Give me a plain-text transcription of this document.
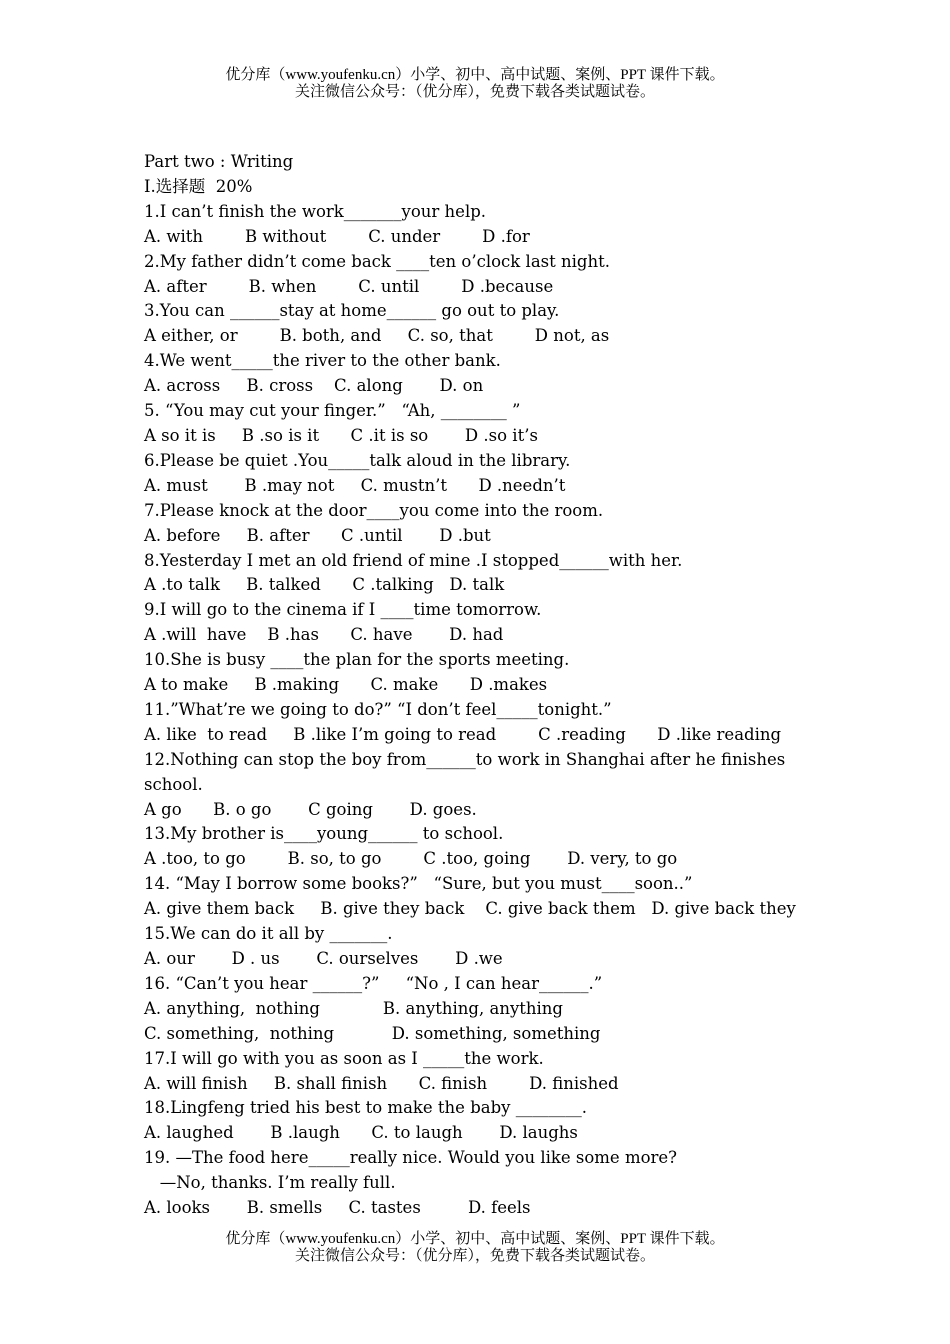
优分库（www.youfenku.cn）小学、初中、高中试题、案例、PPT 课件下载。
关注微信公众号：（优分库），免费下载各类试题试卷。
Part two : Writing
I.选择题  20%
1.I can’t finish the work_______your help.
A. with        B without        C. under        D .for
2.My father didn’t come back ____ten o’clock last night.
A. after        B. when        C. until        D .because
3.You can ______stay at home______ go out to play.
A either, or        B. both, and     C. so, that        D not, as
4.We went_____the river to the other bank.
A. across     B. cross    C. along       D. on
5. “You may cut your finger.”   “Ah, ________ ”
A so it is     B .so is it      C .it is so       D .so it’s
6.Please be quiet .You_____talk aloud in the library.
A. must       B .may not     C. mustn’t      D .needn’t
7.Please knock at the door____you come into the room.
A. before     B. after      C .until       D .but
8.Yesterday I met an old friend of mine .I stopped______with her.
A .to talk     B. talked      C .talking   D. talk
9.I will go to the cinema if I ____time tomorrow.
A .will  have    B .has      C. have       D. had
10.She is busy ____the plan for the sports meeting.
A to make     B .making      C. make      D .makes
11.”What’re we going to do?” “I don’t feel_____tonight.”
A. like  to read     B .like I’m going to read        C .reading      D .like reading
12.Nothing can stop the boy from______to work in Shanghai after he finishes school.
A go      B. o go       C going       D. goes.
13.My brother is____young______ to school.
A .too, to go        B. so, to go        C .too, going       D. very, to go
14. “May I borrow some books?”   “Sure, but you must____soon..”
A. give them back     B. give they back    C. give back them   D. give back they
15.We can do it all by _______.
A. our       D . us       C. ourselves       D .we
16. “Can’t you hear ______?”     “No , I can hear______.”
A. anything,  nothing            B. anything, anything
C. something,  nothing           D. something, something
17.I will go with you as soon as I _____the work.
A. will finish     B. shall finish      C. finish        D. finished
18.Lingfeng tried his best to make the baby ________.
A. laughed       B .laugh      C. to laugh       D. laughs
19. —The food here_____really nice. Would you like some more?
—No, thanks. I’m really full.
A. looks       B. smells     C. tastes         D. feels
优分库（www.youfenku.cn）小学、初中、高中试题、案例、PPT 课件下载。
关注微信公众号：（优分库），免费下载各类试题试卷。
